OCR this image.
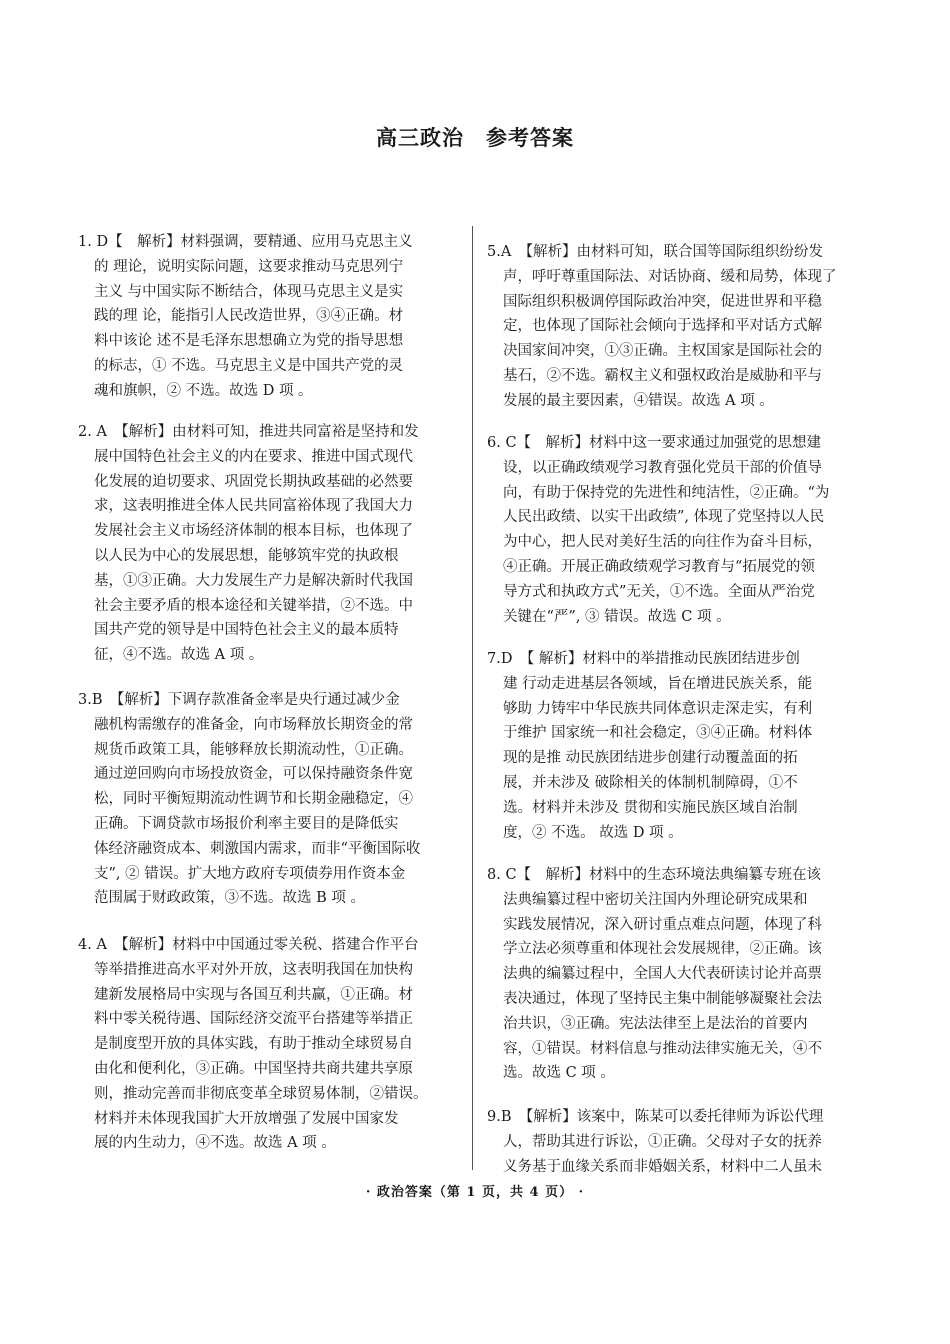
高三政治　参考答案
1. D【　解析】材料强调，要精通、应用马克思主义
的 理论，说明实际问题，这要求推动马克思列宁
主义 与中国实际不断结合，体现马克思主义是实
践的理 论，能指引人民改造世界，③④正确。材
料中该论 述不是毛泽东思想确立为党的指导思想
的标志，① 不选。马克思主义是中国共产党的灵
魂和旗帜，② 不选。故选 D 项 。
2. A　【解析】由材料可知，推进共同富裕是坚持和发
展中国特色社会主义的内在要求、推进中国式现代
化发展的迫切要求、巩固党长期执政基础的必然要
求，这表明推进全体人民共同富裕体现了我国大力
发展社会主义市场经济体制的根本目标，也体现了
以人民为中心的发展思想，能够筑牢党的执政根
基，①③正确。大力发展生产力是解决新时代我国
社会主要矛盾的根本途径和关键举措，②不选。中
国共产党的领导是中国特色社会主义的最本质特
征，④不选。故选 A 项 。
3.B　【解析】下调存款准备金率是央行通过减少金
融机构需缴存的准备金，向市场释放长期资金的常
规货币政策工具，能够释放长期流动性，①正确。
通过逆回购向市场投放资金，可以保持融资条件宽
松，同时平衡短期流动性调节和长期金融稳定，④
正确。下调贷款市场报价利率主要目的是降低实
体经济融资成本、刺激国内需求，而非“平衡国际收
支”, ② 错误。扩大地方政府专项债券用作资本金
范围属于财政政策，③不选。故选 B 项 。
4. A　【解析】材料中中国通过零关税、搭建合作平台
等举措推进高水平对外开放，这表明我国在加快构
建新发展格局中实现与各国互利共赢，①正确。材
料中零关税待遇、国际经济交流平台搭建等举措正
是制度型开放的具体实践，有助于推动全球贸易自
由化和便利化，③正确。中国坚持共商共建共享原
则，推动完善而非彻底变革全球贸易体制，②错误。
材料并未体现我国扩大开放增强了发展中国家发
展的内生动力，④不选。故选 A 项 。
5.A　【解析】由材料可知，联合国等国际组织纷纷发
声，呼吁尊重国际法、对话协商、缓和局势，体现了
国际组织积极调停国际政治冲突，促进世界和平稳
定，也体现了国际社会倾向于选择和平对话方式解
决国家间冲突，①③正确。主权国家是国际社会的
基石，②不选。霸权主义和强权政治是威胁和平与
发展的最主要因素，④错误。故选 A 项 。
6. C【　解析】材料中这一要求通过加强党的思想建
设，以正确政绩观学习教育强化党员干部的价值导
向，有助于保持党的先进性和纯洁性，②正确。“为
人民出政绩、以实干出政绩”, 体现了党坚持以人民
为中心，把人民对美好生活的向往作为奋斗目标，
④正确。开展正确政绩观学习教育与“拓展党的领
导方式和执政方式”无关，①不选。全面从严治党
关键在“严”, ③ 错误。故选 C 项 。
7.D　【 解析】材料中的举措推动民族团结进步创
建 行动走进基层各领域，旨在增进民族关系，能
够助 力铸牢中华民族共同体意识走深走实，有利
于维护 国家统一和社会稳定，③④正确。材料体
现的是推 动民族团结进步创建行动覆盖面的拓
展，并未涉及 破除相关的体制机制障碍，①不
选。材料并未涉及 贯彻和实施民族区域自治制
度，② 不选。 故选 D 项 。
8. C【　解析】材料中的生态环境法典编纂专班在该
法典编纂过程中密切关注国内外理论研究成果和
实践发展情况，深入研讨重点难点问题，体现了科
学立法必须尊重和体现社会发展规律，②正确。该
法典的编纂过程中，全国人大代表研读讨论并高票
表决通过，体现了坚持民主集中制能够凝聚社会法
治共识，③正确。宪法法律至上是法治的首要内
容，①错误。材料信息与推动法律实施无关，④不
选。故选 C 项 。
9.B　【解析】该案中，陈某可以委托律师为诉讼代理
人，帮助其进行诉讼，①正确。父母对子女的抚养
义务基于血缘关系而非婚姻关系，材料中二人虽未
· 政治答案（第 1 页，共 4 页） ·
